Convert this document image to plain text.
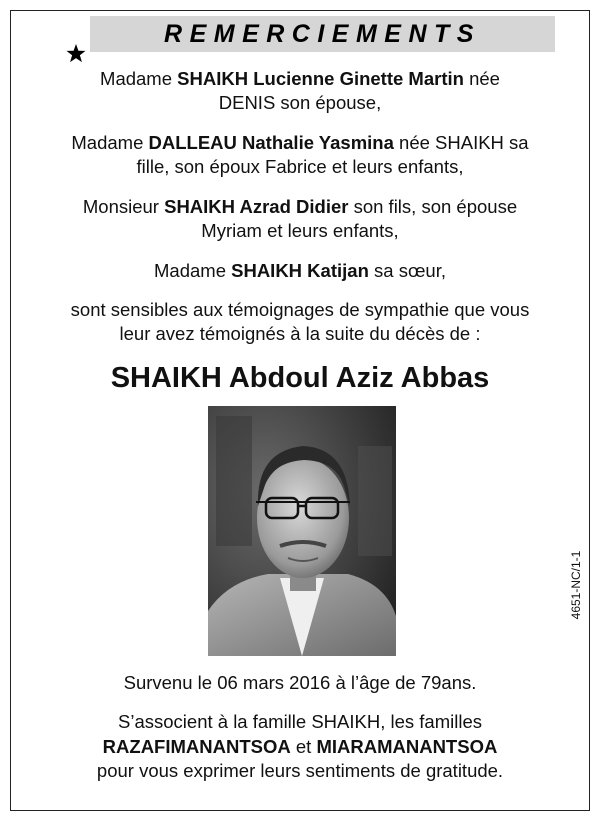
REMERCIEMENTS
Madame SHAIKH Lucienne Ginette Martin née
DENIS son épouse,
Madame DALLEAU Nathalie Yasmina née SHAIKH sa
fille, son époux Fabrice et leurs enfants,
Monsieur SHAIKH Azrad Didier son fils, son épouse
Myriam et leurs enfants,
Madame SHAIKH Katijan sa sœur,
sont sensibles aux témoignages de sympathie que vous
leur avez témoignés à la suite du décès de :
SHAIKH Abdoul Aziz Abbas
Survenu le 06 mars 2016 à l’âge de 79ans.
S’associent à la famille SHAIKH, les familles
RAZAFIMANANTSOA et MIARAMANANTSOA
pour vous exprimer leurs sentiments de gratitude.
4651-NC/1-1
